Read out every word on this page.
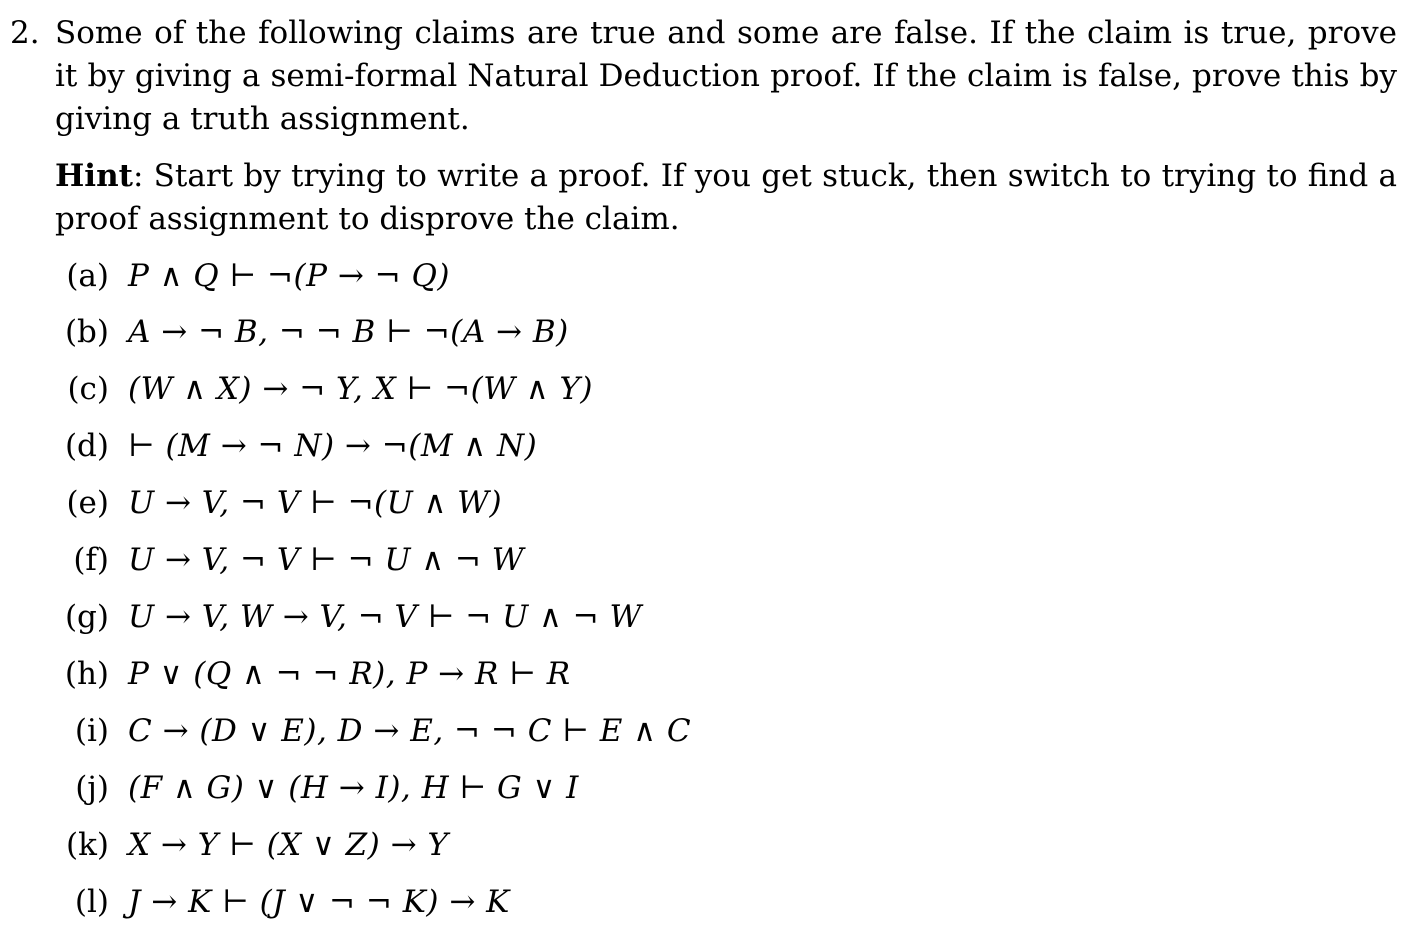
2. Some of the following claims are true and some are false. If the claim is true, prove it by giving a semi-formal Natural Deduction proof. If the claim is false, prove this by giving a truth assignment.
Hint: Start by trying to write a proof. If you get stuck, then switch to trying to find a proof assignment to disprove the claim.
(a) P ∧ Q ⊢ ¬(P → ¬ Q)
(b) A → ¬ B, ¬ ¬ B ⊢ ¬(A → B)
(c) (W ∧ X) → ¬ Y, X ⊢ ¬(W ∧ Y)
(d) ⊢ (M → ¬ N) → ¬(M ∧ N)
(e) U → V, ¬ V ⊢ ¬(U ∧ W)
(f) U → V, ¬ V ⊢ ¬ U ∧ ¬ W
(g) U → V, W → V, ¬ V ⊢ ¬ U ∧ ¬ W
(h) P ∨ (Q ∧ ¬ ¬ R), P → R ⊢ R
(i) C → (D ∨ E), D → E, ¬ ¬ C ⊢ E ∧ C
(j) (F ∧ G) ∨ (H → I), H ⊢ G ∨ I
(k) X → Y ⊢ (X ∨ Z) → Y
(l) J → K ⊢ (J ∨ ¬ ¬ K) → K
